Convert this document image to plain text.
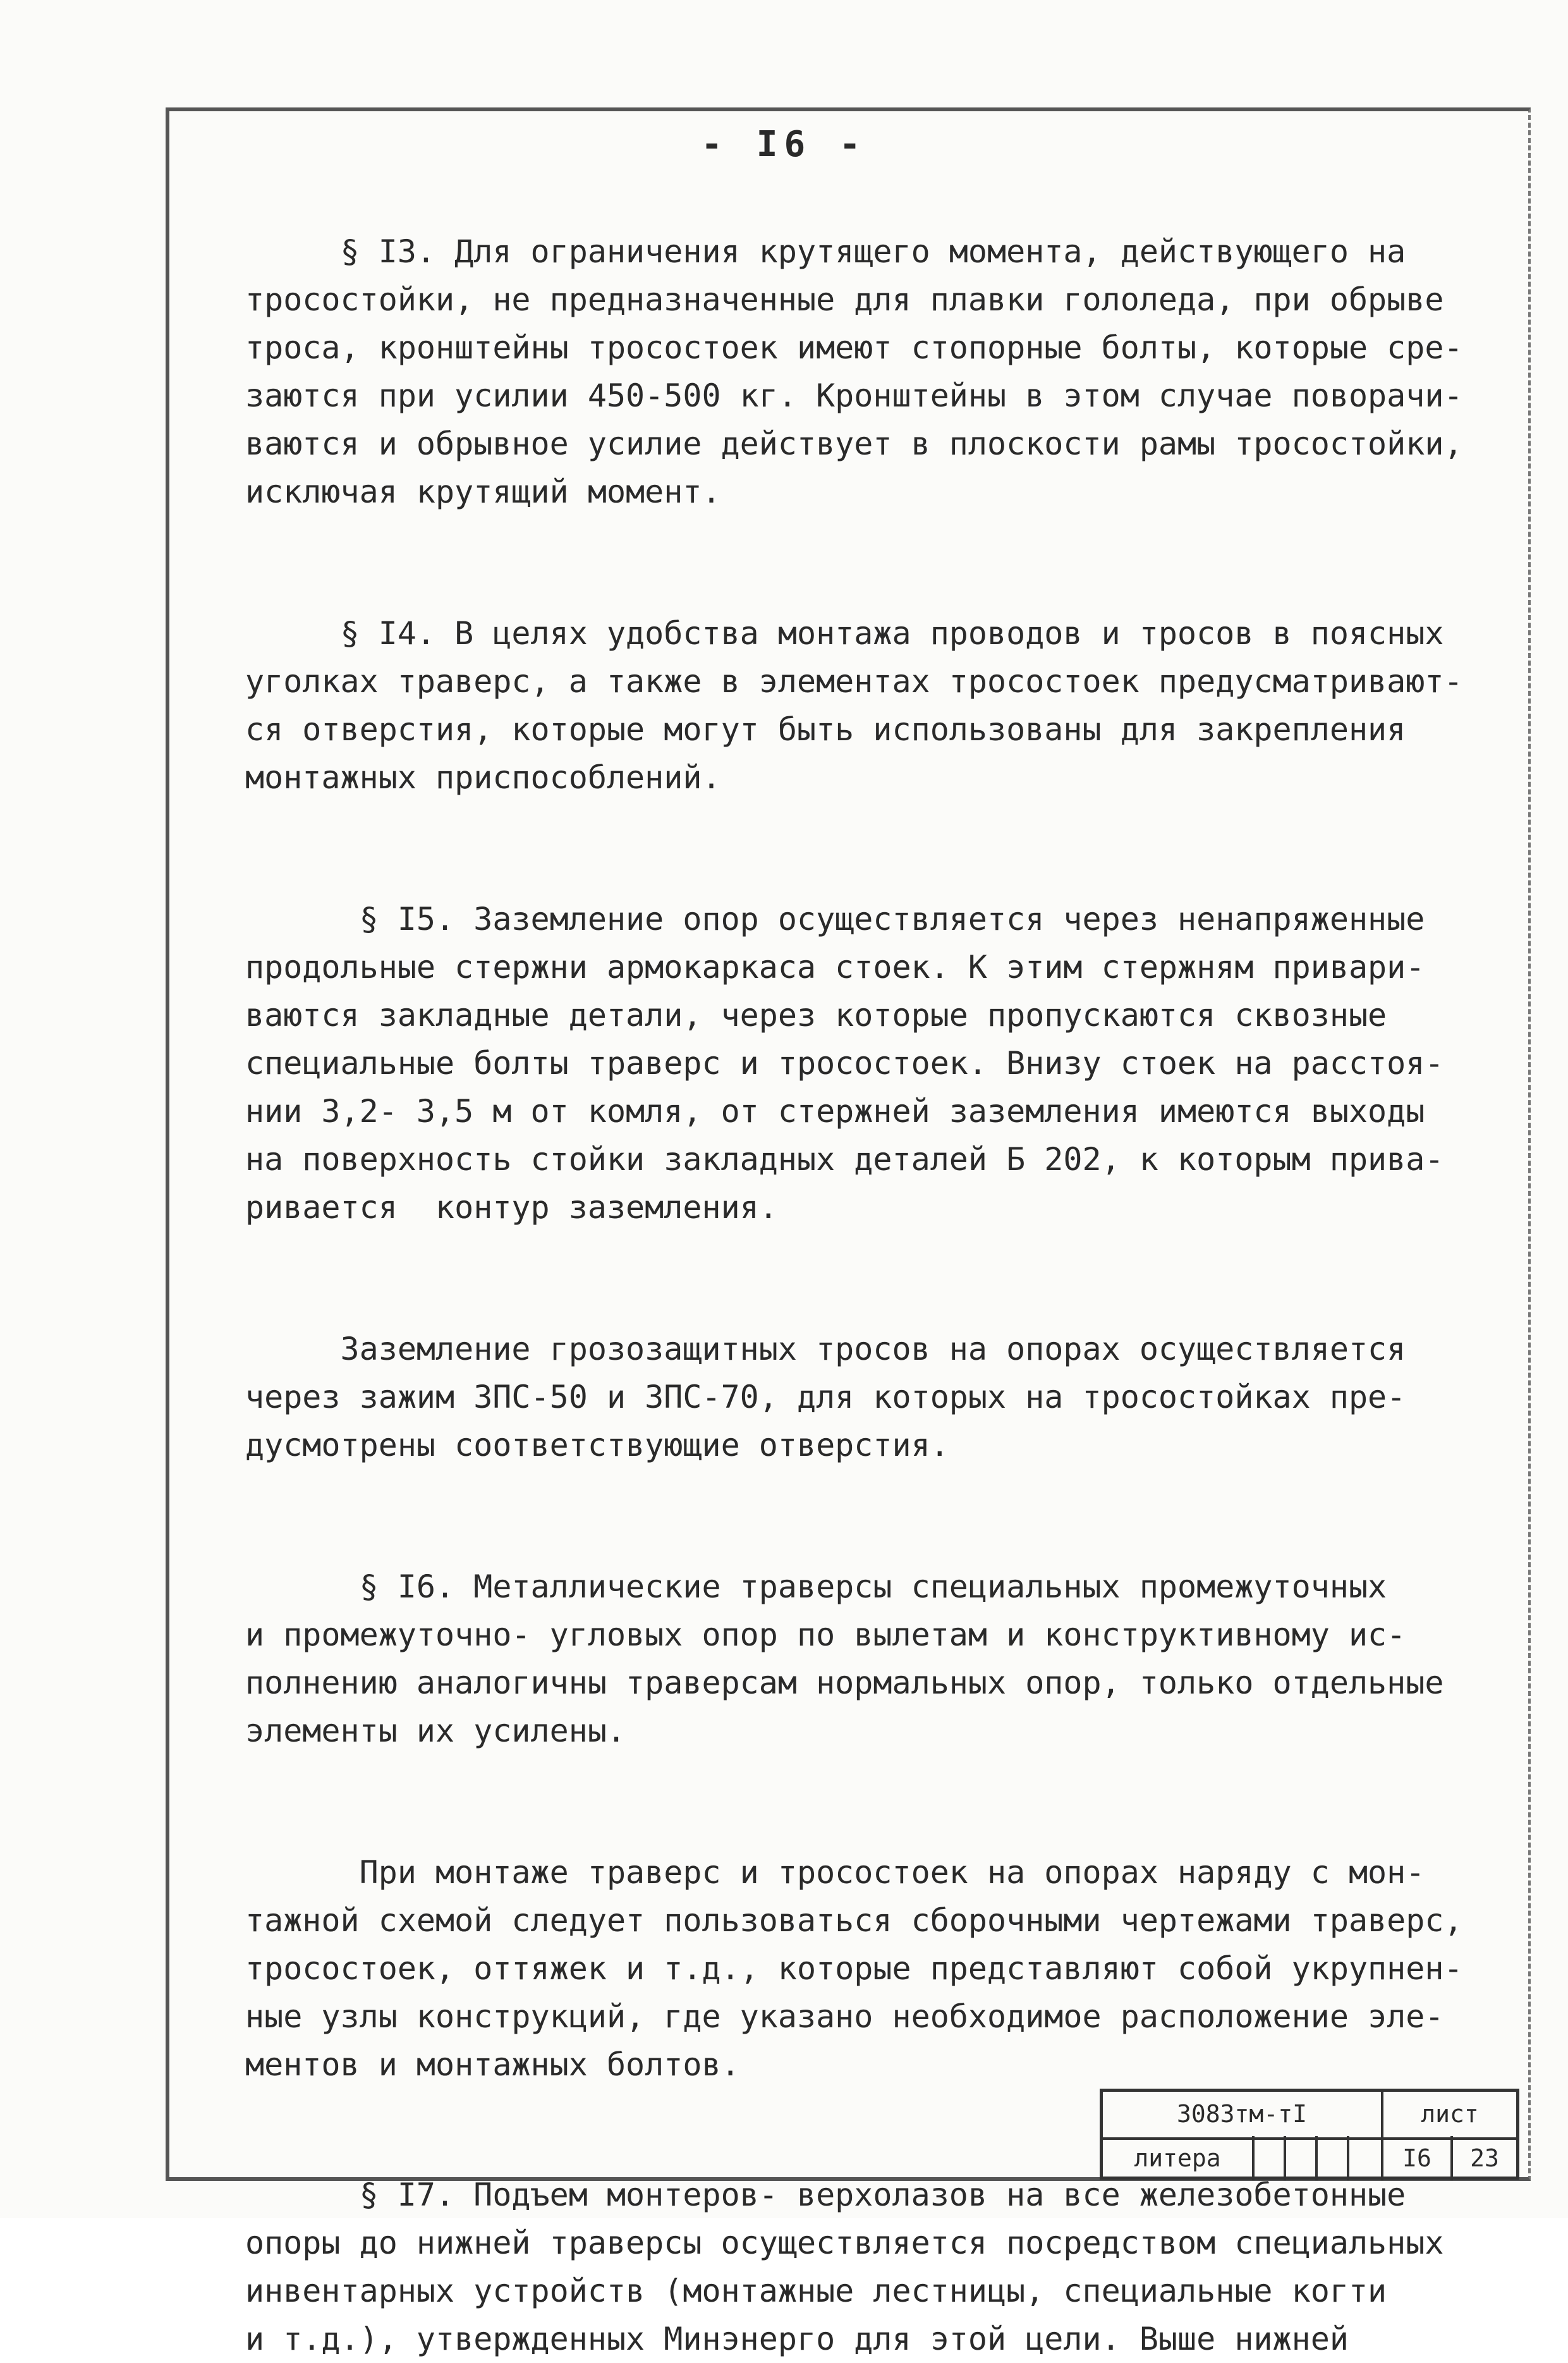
- I6 -
§ I3. Для ограничения крутящего момента, действующего на
тросостойки, не предназначенные для плавки гололеда, при обрыве
троса, кронштейны тросостоек имеют стопорные болты, которые сре-
заются при усилии 450-500 кг. Кронштейны в этом случае поворачи-
ваются и обрывное усилие действует в плоскости рамы тросостойки,
исключая крутящий момент.
§ I4. В целях удобства монтажа проводов и тросов в поясных
уголках траверс, а также в элементах тросостоек предусматривают-
ся отверстия, которые могут быть использованы для закрепления
монтажных приспособлений.
§ I5. Заземление опор осуществляется через ненапряженные
продольные стержни армокаркаса стоек. К этим стержням привари-
ваются закладные детали, через которые пропускаются сквозные
специальные болты траверс и тросостоек. Внизу стоек на расстоя-
нии 3,2- 3,5 м от комля, от стержней заземления имеются выходы
на поверхность стойки закладных деталей Б 202, к которым прива-
ривается  контур заземления.
Заземление грозозащитных тросов на опорах осуществляется
через зажим ЗПС-50 и ЗПС-70, для которых на тросостойках пре-
дусмотрены соответствующие отверстия.
§ I6. Металлические траверсы специальных промежуточных
и промежуточно- угловых опор по вылетам и конструктивному ис-
полнению аналогичны траверсам нормальных опор, только отдельные
элементы их усилены.
При монтаже траверс и тросостоек на опорах наряду с мон-
тажной схемой следует пользоваться сборочными чертежами траверс,
тросостоек, оттяжек и т.д., которые представляют собой укрупнен-
ные узлы конструкций, где указано необходимое расположение эле-
ментов и монтажных болтов.
§ I7. Подъем монтеров- верхолазов на все железобетонные
опоры до нижней траверсы осуществляется посредством специальных
инвентарных устройств (монтажные лестницы, специальные когти
и т.д.), утвержденных Минэнерго для этой цели. Выше нижней
3083тм-тI	лист
литера	I6	23
